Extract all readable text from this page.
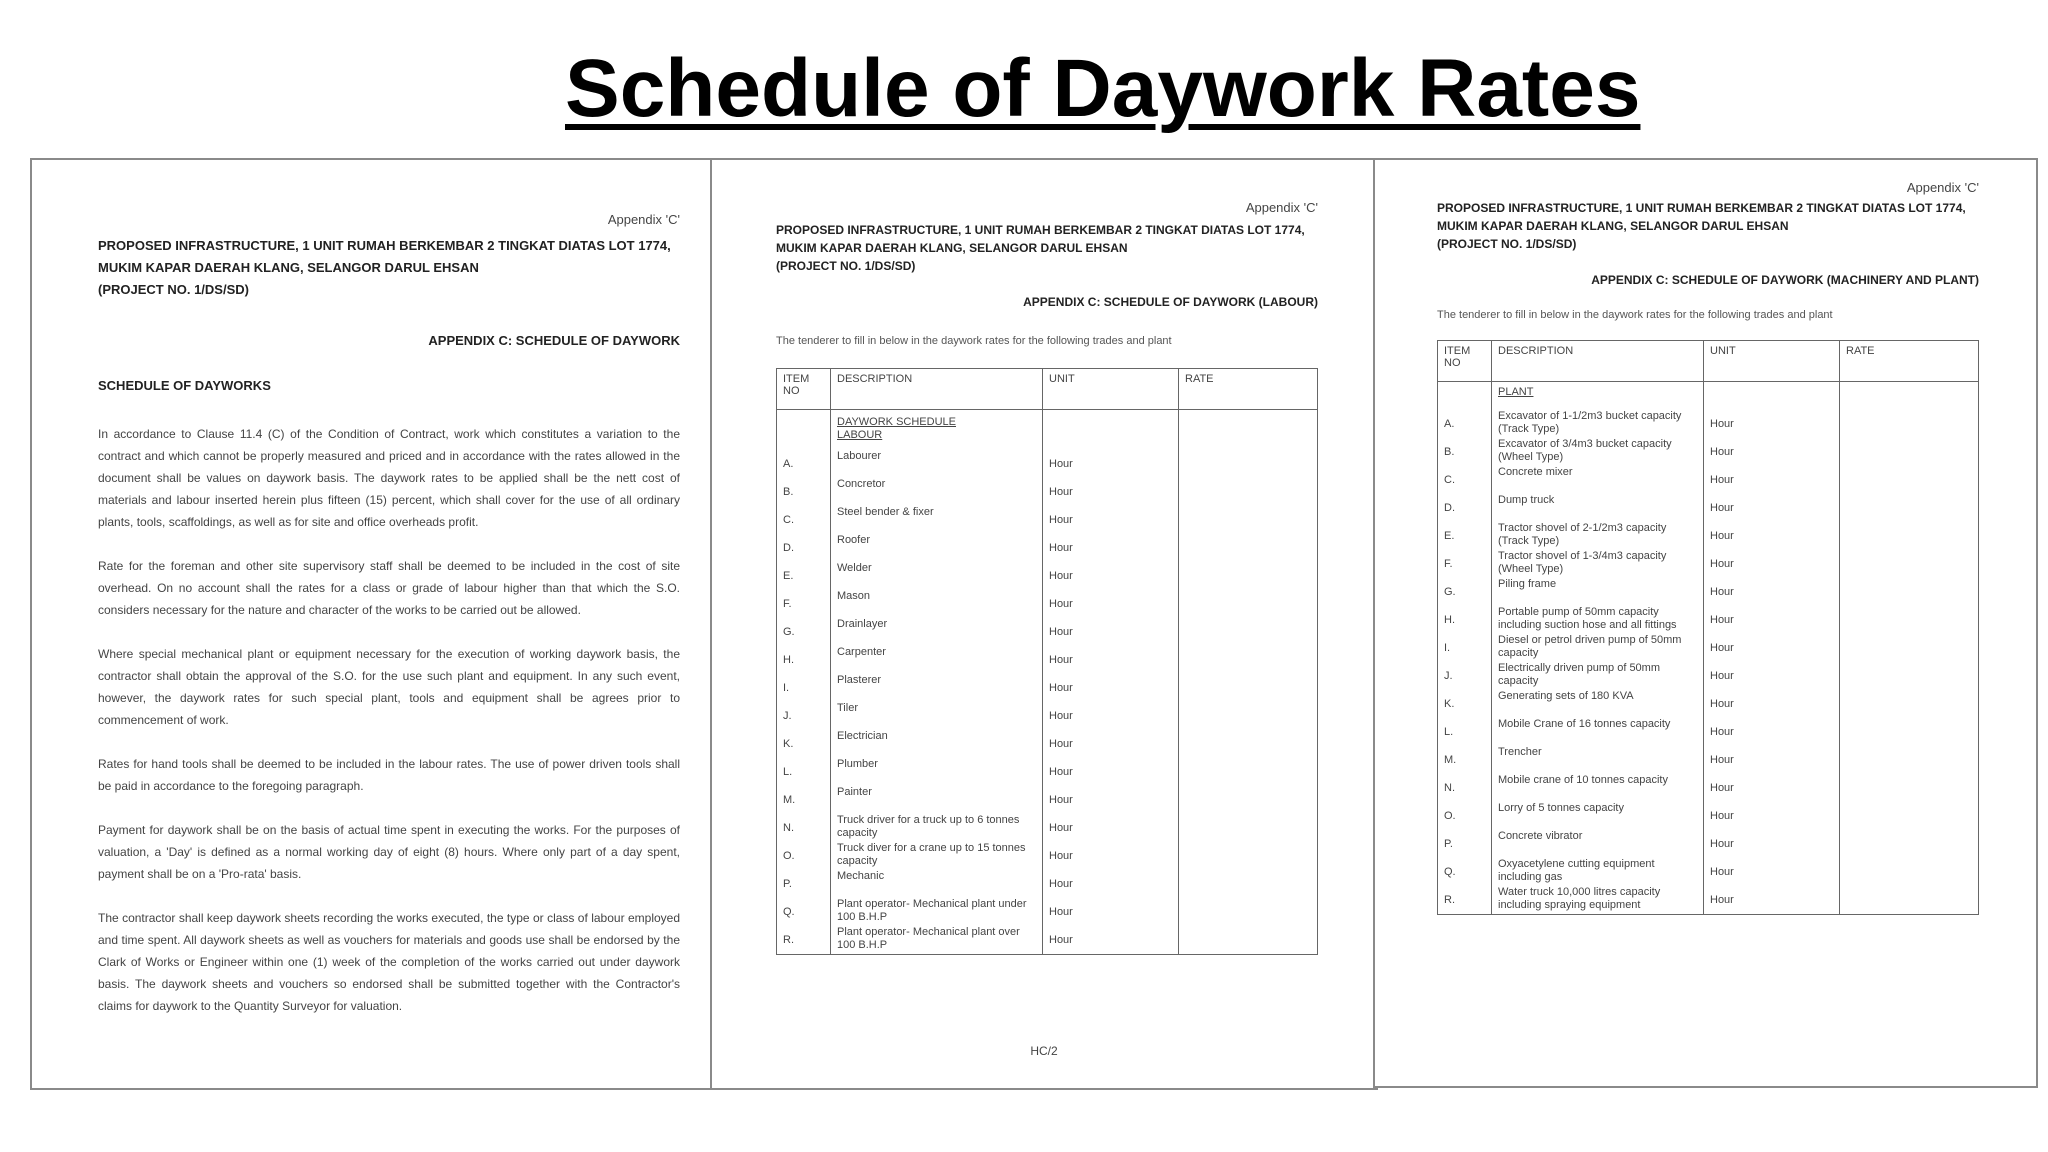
Schedule of Daywork Rates
Appendix 'C'
PROPOSED INFRASTRUCTURE, 1 UNIT RUMAH BERKEMBAR 2 TINGKAT DIATAS LOT 1774,
MUKIM KAPAR DAERAH KLANG, SELANGOR DARUL EHSAN
(PROJECT NO. 1/DS/SD)
APPENDIX C: SCHEDULE OF DAYWORK
SCHEDULE OF DAYWORKS

In accordance to Clause 11.4 (C) of the Condition of Contract, work which constitutes a variation to the contract and which cannot be properly measured and priced and in accordance with the rates allowed in the document shall be values on daywork basis. The daywork rates to be applied shall be the nett cost of materials and labour inserted herein plus fifteen (15) percent, which shall cover for the use of all ordinary plants, tools, scaffoldings, as well as for site and office overheads profit.

Rate for the foreman and other site supervisory staff shall be deemed to be included in the cost of site overhead. On no account shall the rates for a class or grade of labour higher than that which the S.O. considers necessary for the nature and character of the works to be carried out be allowed.

Where special mechanical plant or equipment necessary for the execution of working daywork basis, the contractor shall obtain the approval of the S.O. for the use such plant and equipment. In any such event, however, the daywork rates for such special plant, tools and equipment shall be agrees prior to commencement of work.

Rates for hand tools shall be deemed to be included in the labour rates. The use of power driven tools shall be paid in accordance to the foregoing paragraph.

Payment for daywork shall be on the basis of actual time spent in executing the works. For the purposes of valuation, a 'Day' is defined as a normal working day of eight (8) hours. Where only part of a day spent, payment shall be on a 'Pro-rata' basis.

The contractor shall keep daywork sheets recording the works executed, the type or class of labour employed and time spent. All daywork sheets as well as vouchers for materials and goods use shall be endorsed by the Clark of Works or Engineer within one (1) week of the completion of the works carried out under daywork basis. The daywork sheets and vouchers so endorsed shall be submitted together with the Contractor's claims for daywork to the Quantity Surveyor for valuation.

Appendix 'C'
PROPOSED INFRASTRUCTURE, 1 UNIT RUMAH BERKEMBAR 2 TINGKAT DIATAS LOT 1774,
MUKIM KAPAR DAERAH KLANG, SELANGOR DARUL EHSAN
(PROJECT NO. 1/DS/SD)
APPENDIX C: SCHEDULE OF DAYWORK (LABOUR)
The tenderer to fill in below in the daywork rates for the following trades and plant
ITEM NO	DESCRIPTION	UNIT	RATE

	DAYWORK SCHEDULE
LABOUR		

A.	Labourer	Hour	
B.	Concretor	Hour	
C.	Steel bender & fixer	Hour	
D.	Roofer	Hour	
E.	Welder	Hour	
F.	Mason	Hour	
G.	Drainlayer	Hour	
H.	Carpenter	Hour	
I.	Plasterer	Hour	
J.	Tiler	Hour	
K.	Electrician	Hour	
L.	Plumber	Hour	
M.	Painter	Hour	
N.	Truck driver for a truck up to 6 tonnes capacity	Hour	
O.	Truck diver for a crane up to 15 tonnes capacity	Hour	
P.	Mechanic	Hour	
Q.	Plant operator- Mechanical plant under 100 B.H.P	Hour	
R.	Plant operator- Mechanical plant over 100 B.H.P	Hour	
HC/2
Appendix 'C'
PROPOSED INFRASTRUCTURE, 1 UNIT RUMAH BERKEMBAR 2 TINGKAT DIATAS LOT 1774,
MUKIM KAPAR DAERAH KLANG, SELANGOR DARUL EHSAN
(PROJECT NO. 1/DS/SD)
APPENDIX C: SCHEDULE OF DAYWORK (MACHINERY AND PLANT)
The tenderer to fill in below in the daywork rates for the following trades and plant
ITEM NO	DESCRIPTION	UNIT	RATE

	PLANT		

A.	Excavator of 1-1/2m3 bucket capacity (Track Type)	Hour	
B.	Excavator of 3/4m3 bucket capacity (Wheel Type)	Hour	
C.	Concrete mixer	Hour	
D.	Dump truck	Hour	
E.	Tractor shovel of 2-1/2m3 capacity (Track Type)	Hour	
F.	Tractor shovel of 1-3/4m3 capacity (Wheel Type)	Hour	
G.	Piling frame	Hour	
H.	Portable pump of 50mm capacity including suction hose and all fittings	Hour	
I.	Diesel or petrol driven pump of 50mm capacity	Hour	
J.	Electrically driven pump of 50mm capacity	Hour	
K.	Generating sets of 180 KVA	Hour	
L.	Mobile Crane of 16 tonnes capacity	Hour	
M.	Trencher	Hour	
N.	Mobile crane of 10 tonnes capacity	Hour	
O.	Lorry of 5 tonnes capacity	Hour	
P.	Concrete vibrator	Hour	
Q.	Oxyacetylene cutting equipment including gas	Hour	
R.	Water truck 10,000 litres capacity including spraying equipment	Hour	
